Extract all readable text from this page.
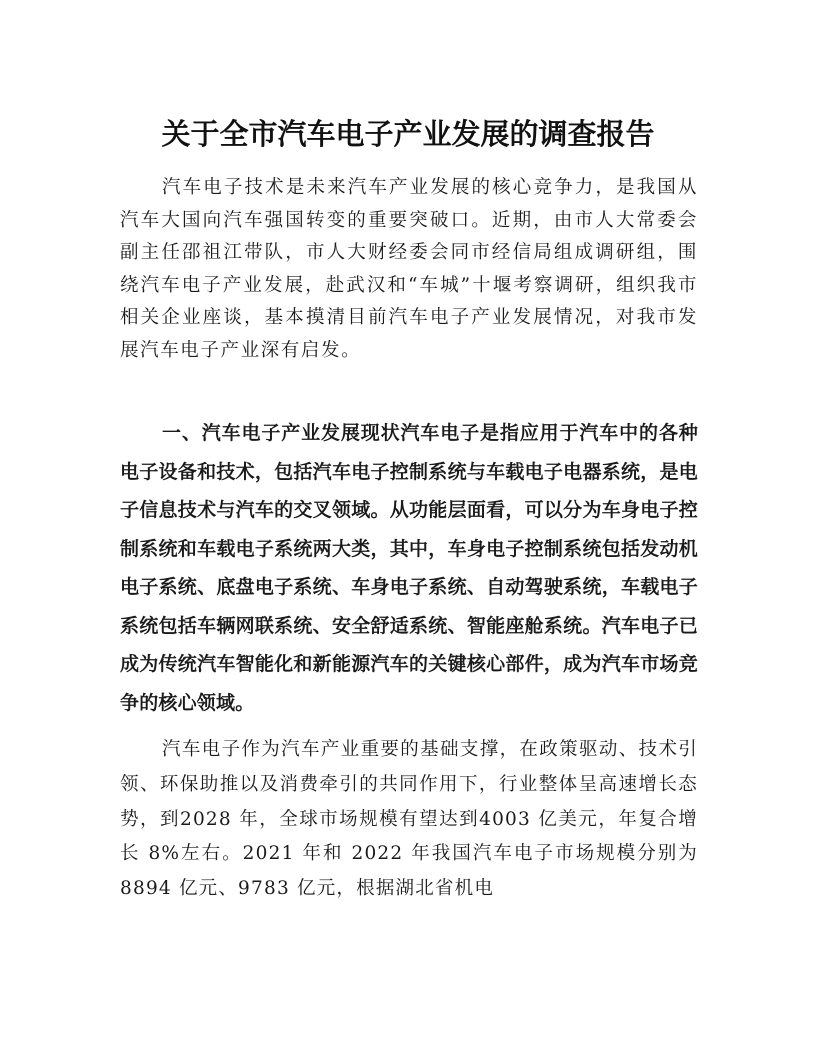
关于全市汽车电子产业发展的调查报告

汽车电子技术是未来汽车产业发展的核心竞争力，是我国从汽车大国向汽车强国转变的重要突破口。近期，由市人大常委会副主任邵祖江带队，市人大财经委会同市经信局组成调研组，围绕汽车电子产业发展，赴武汉和“车城”十堰考察调研，组织我市相关企业座谈，基本摸清目前汽车电子产业发展情况，对我市发展汽车电子产业深有启发。

一、汽车电子产业发展现状汽车电子是指应用于汽车中的各种电子设备和技术，包括汽车电子控制系统与车载电子电器系统，是电子信息技术与汽车的交叉领域。从功能层面看，可以分为车身电子控制系统和车载电子系统两大类，其中，车身电子控制系统包括发动机电子系统、底盘电子系统、车身电子系统、自动驾驶系统，车载电子系统包括车辆网联系统、安全舒适系统、智能座舱系统。汽车电子已成为传统汽车智能化和新能源汽车的关键核心部件，成为汽车市场竞争的核心领域。

汽车电子作为汽车产业重要的基础支撑，在政策驱动、技术引领、环保助推以及消费牵引的共同作用下，行业整体呈高速增长态势，到2028 年，全球市场规模有望达到4003 亿美元，年复合增长 8%左右。2021 年和 2022 年我国汽车电子市场规模分别为 8894 亿元、9783 亿元，根据湖北省机电
